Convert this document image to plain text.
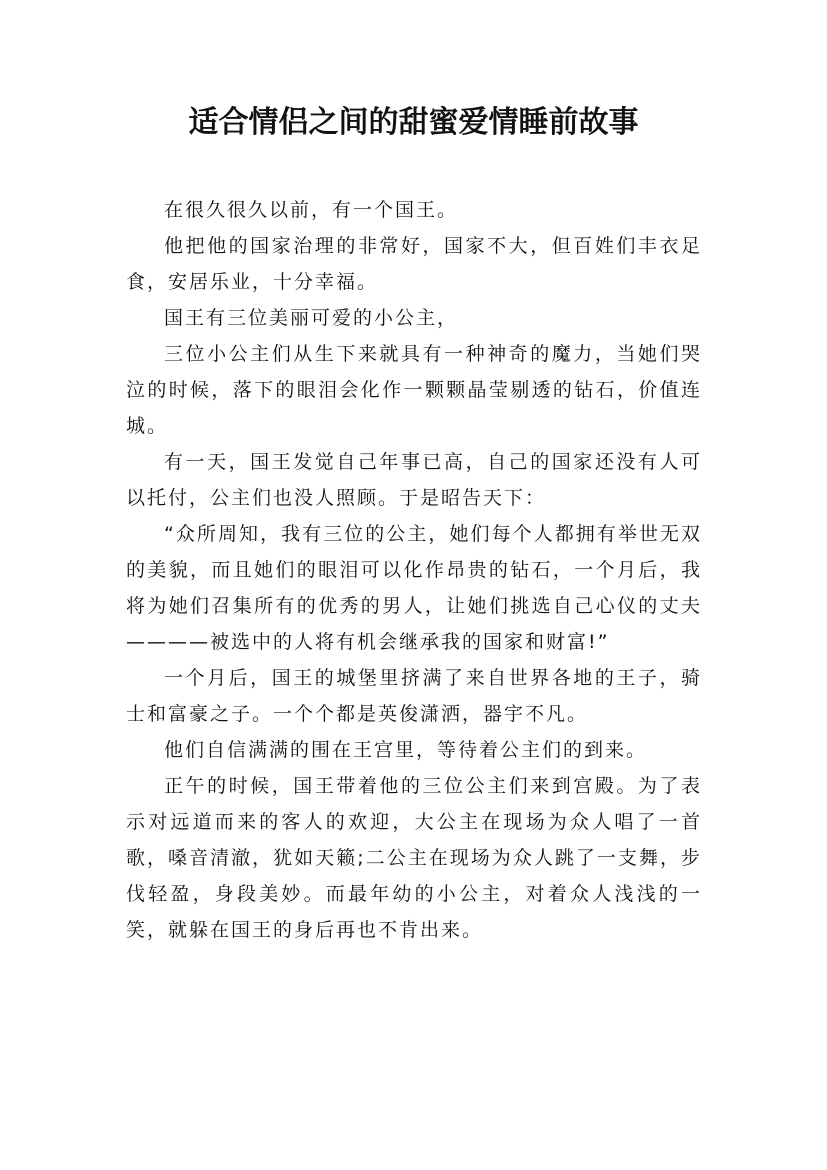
适合情侣之间的甜蜜爱情睡前故事

在很久很久以前，有一个国王。

他把他的国家治理的非常好，国家不大，但百姓们丰衣足食，安居乐业，十分幸福。

国王有三位美丽可爱的小公主，

三位小公主们从生下来就具有一种神奇的魔力，当她们哭泣的时候，落下的眼泪会化作一颗颗晶莹剔透的钻石，价值连城。

有一天，国王发觉自己年事已高，自己的国家还没有人可以托付，公主们也没人照顾。于是昭告天下：

“众所周知，我有三位的公主，她们每个人都拥有举世无双的美貌，而且她们的眼泪可以化作昂贵的钻石，一个月后，我将为她们召集所有的优秀的男人，让她们挑选自己心仪的丈夫————被选中的人将有机会继承我的国家和财富!”

一个月后，国王的城堡里挤满了来自世界各地的王子，骑士和富豪之子。一个个都是英俊潇洒，器宇不凡。

他们自信满满的围在王宫里，等待着公主们的到来。

正午的时候，国王带着他的三位公主们来到宫殿。为了表示对远道而来的客人的欢迎，大公主在现场为众人唱了一首歌，嗓音清澈，犹如天籁;二公主在现场为众人跳了一支舞，步伐轻盈，身段美妙。而最年幼的小公主，对着众人浅浅的一笑，就躲在国王的身后再也不肯出来。
